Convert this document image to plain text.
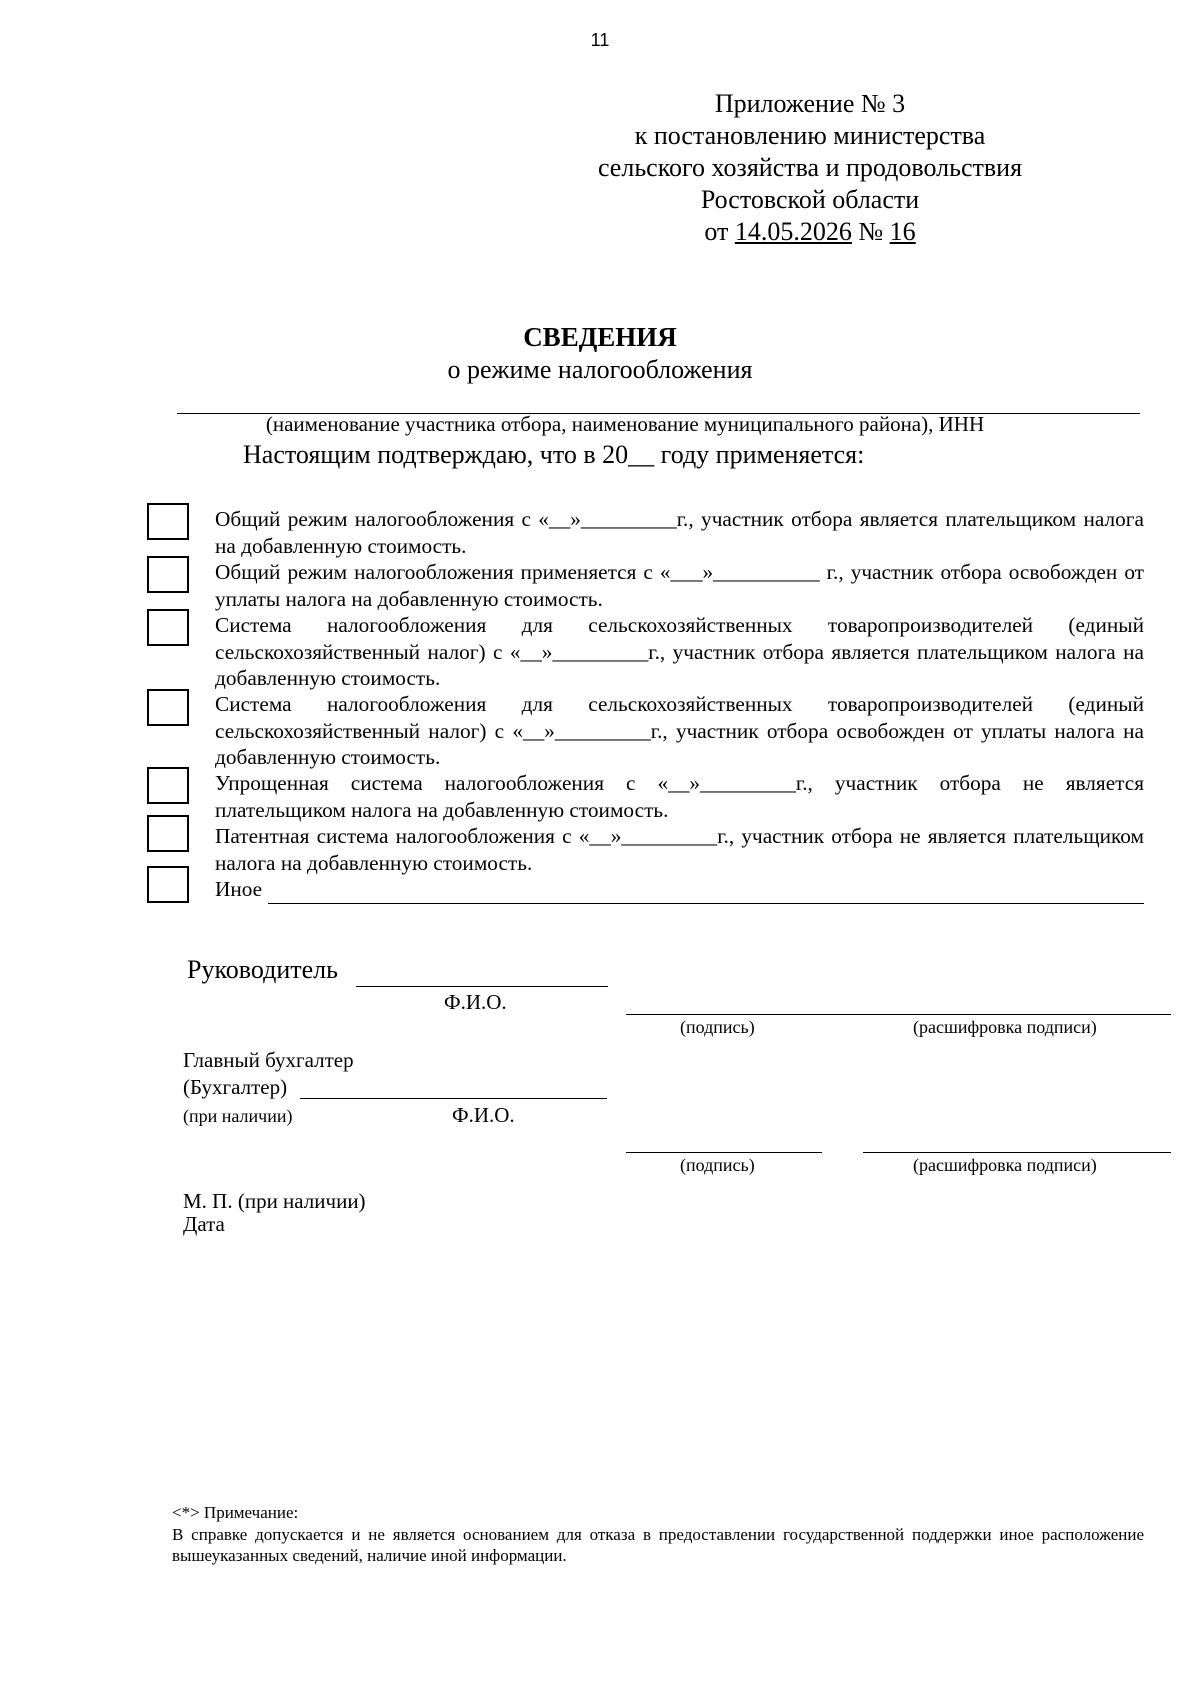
11
Приложение № 3
к постановлению министерства
сельского хозяйства и продовольствия
Ростовской области
от 14.05.2026 № 16
СВЕДЕНИЯ
о режиме налогообложения
(наименование участника отбора, наименование муниципального района), ИНН
Настоящим подтверждаю, что в 20__ году применяется:
Общий режим налогообложения с «__»_________г., участник отбора является плательщиком налога на добавленную стоимость.
Общий режим налогообложения применяется с «___»__________ г., участник отбора освобожден от уплаты налога на добавленную стоимость.
Система налогообложения для сельскохозяйственных товаропроизводителей (единый сельскохозяйственный налог) с «__»_________г., участник отбора является плательщиком налога на добавленную стоимость.
Система налогообложения для сельскохозяйственных товаропроизводителей (единый сельскохозяйственный налог) с «__»_________г., участник отбора освобожден от уплаты налога на добавленную стоимость.
Упрощенная система налогообложения с «__»_________г., участник отбора не является плательщиком налога на добавленную стоимость.
Патентная система налогообложения с «__»_________г., участник отбора не является плательщиком налога на добавленную стоимость.
Иное
Руководитель
Ф.И.О.
(подпись)	(расшифровка подписи)
Главный бухгалтер
(Бухгалтер)
(при наличии)	Ф.И.О.
(подпись)	(расшифровка подписи)
М. П. (при наличии)
Дата
<*> Примечание:
В справке допускается и не является основанием для отказа в предоставлении государственной поддержки иное расположение вышеуказанных сведений, наличие иной информации.
